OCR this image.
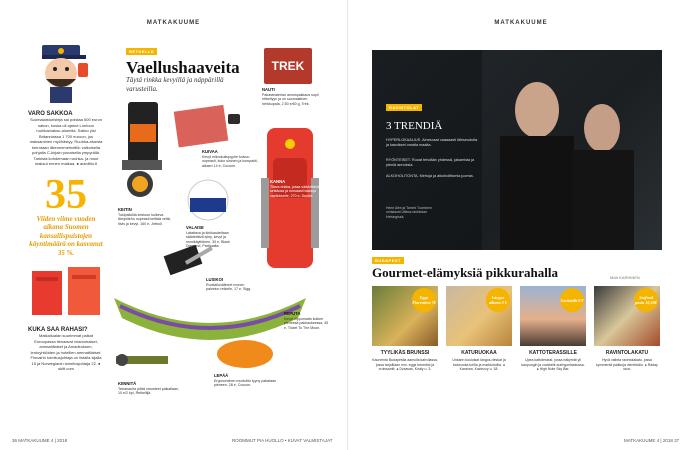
MATKAKUUME
VARO SAKKOA
Suomalaisturisteja sai poistaa 600 euron sakon, koska oli ajanut Lontoon ruuhkamaksu-alueella. Sakko ylsi Britanniassa 1 700 euroon, jos maksaminen myöhästyy. Ruuhka-aluesta kerrotaan liikennemerkeillä: valkoisella pohjalla C-kirjain punaisella ympyrällä. Tarkista kohdemaan ruuhka- ja muut maksut ennen matkaa. ● autolitto.fi
35
Viiden viime vuoden aikana Suomen kansallispuistojen käyntimäärä on kasvanut 35 %.
KUKA SAA RAHASI?
Matkailualan suurimmat palkat Euroopassa tienaavat viranomaiset, ammattilaiset ja Amadeuksen, lentoyhtiöiden ja hotellien ammattilaiset. Finnairin toimitusjohtaja on listalla sijalla 15 ja Norwegianin toimitusjohtaja 22. ● skift.com
RETKELLE
Vaellushaaveita
Täytä rinkka kevyillä ja näppärillä varusteilla.
TREK
KEITIN
Tukipalloilla kestoon kulkeva lämpöteho nopeasti keittää vettä, tiivis ja kevyt. 160 e, Jetboil.
KUIVAA
Kevyt mikrokuitupyyhe kuivuu nopeasti, koko sininen ja kompakti, alkaen 14 e, Cocoon.
NAUTI
Pakasteaterian annospakkaus sopii retkeilyyn ja on suomalainen herkkupala, 2,50 e/60 g, Trek.
VALAISE
Latattava ja kirkkaudeltaan säädettävä lyhty, kevyt ja monikäyttöinen, 30 e, Black Diamond, Partioaitta.
KANNA
Tilava rinkka, jossa säädettävä selkäosa ja runsaasti taskuja vaellukselle, 270 e, Deuter.
LUSIKOI
Ruokailuvälineet monen palvelun retkelle, 17 e, Sigg.
RIIPUTA
Kevyt riippumatto kulkee pienessä pakkauksessa, 45 e, Ticket To The Moon.
KIINNITÄ
Tarranauha pitää varusteet paikallaan, 10 e/2 kpl, Retkeilijä.
LEPÄÄ
Ergonominen muotoiltu tyyny pakataan pieneen, 28 e, Cocoon.
36 MATKAKUUME 4 | 2018	ROOMMUT PIA HUOLLO • KUVAT VALMISTAJAT
MATKAKUUME
RAVINTOLAT
3 TRENDIÄ
HYPERLOKAALIUS. Ainesosat vaaaaasti lähiseudulta ja kasvikset omalta maalta.
RYÖNTEISET. Ruoat tehdään yhdessä, jakamista ja pieniä annoksia.
ALKOHOLITONTA. Mehuja ja alkoholittomia juomia.
Henri Alén ja Tommi Tuominen omistavat Ultima-ravintolan Helsingissä.
BUDAPEST
Gourmet-elämyksiä pikkurahalla	MIIA KARHINEN
Eggs Florentine 7€
TYYLIKÄS BRUNSSI

Kauneinta Budapestia aamulla kahvilassa, jossa tarjoillaan mm. eggs benedict ja croissantit. ● Dzsavas, Király u. 3.

Lángos alkaen 2 €
KATURUOKAA

Unkarin kuuluisat lángos-rieskat ja katuruoka torilla ja markkinoilla. ● Karavan, Kazinczy u. 18.

Cocktailit 8 €
KATTOTERASSILLE

Upea kattoterassi, jossa näkymät yli kaupungin ja cocktailit auringonlaskussa. ● High Note Sky Bar.

Seafood pasta 10,50€
RAVINTOLAKATU

Hyvä valinta ravintolakatu, jossa kymmeniä paikkoja vierekkäin. ● Ráday utca.

MATKAKUUME 4 | 2018 37
